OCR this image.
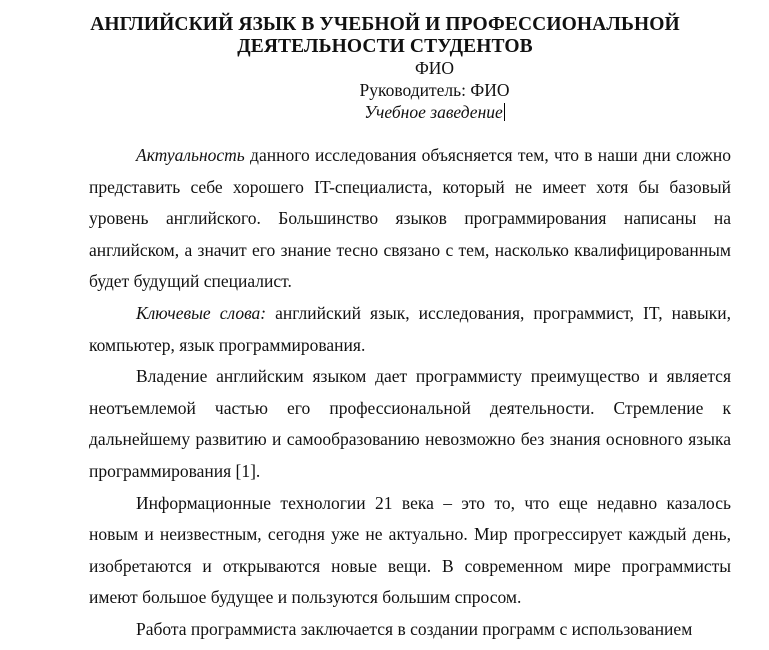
АНГЛИЙСКИЙ ЯЗЫК В УЧЕБНОЙ И ПРОФЕССИОНАЛЬНОЙ
ДЕЯТЕЛЬНОСТИ СТУДЕНТОВ

ФИО

Руководитель: ФИО

Учебное заведение

Актуальность данного исследования объясняется тем, что в наши дни сложно представить себе хорошего IT-специалиста, который не имеет хотя бы базовый уровень английского. Большинство языков программирования написаны на английском, а значит его знание тесно связано с тем, насколько квалифицированным будет будущий специалист.

Ключевые слова: английский язык, исследования, программист, IT, навыки, компьютер, язык программирования.

Владение английским языком дает программисту преимущество и является неотъемлемой частью его профессиональной деятельности. Стремление к дальнейшему развитию и самообразованию невозможно без знания основного языка программирования [1].

Информационные технологии 21 века – это то, что еще недавно казалось новым и неизвестным, сегодня уже не актуально. Мир прогрессирует каждый день, изобретаются и открываются новые вещи. В современном мире программисты имеют большое будущее и пользуются большим спросом.

Работа программиста заключается в создании программ с использованием
